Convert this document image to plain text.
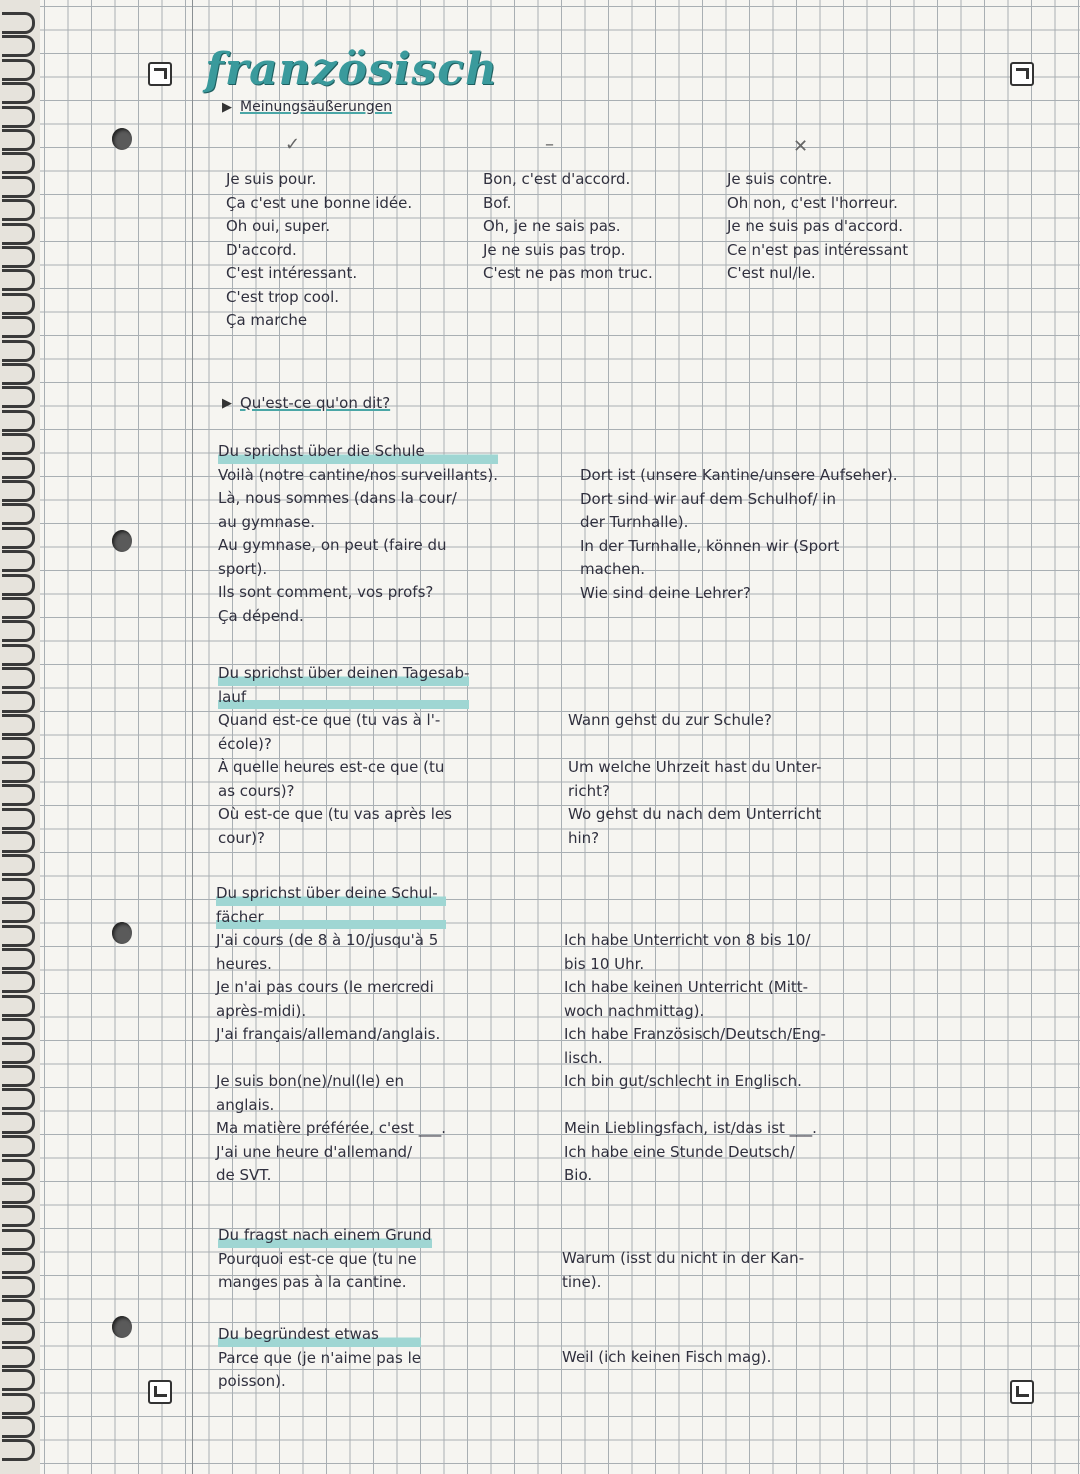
französisch
▶ Meinungsäußerungen
✓	–	✕
Je suis pour.
Ça c'est une bonne idée.
Oh oui, super.
D'accord.
C'est intéressant.
C'est trop cool.
Ça marche
Bon, c'est d'accord.
Bof.
Oh, je ne sais pas.
Je ne suis pas trop.
C'est ne pas mon truc.
Je suis contre.
Oh non, c'est l'horreur.
Je ne suis pas d'accord.
Ce n'est pas intéressant
C'est nul/le.
▶ Qu'est-ce qu'on dit?
Du sprichst über die Schule
Voilà (notre cantine/nos surveillants).
Là, nous sommes (dans la cour/
au gymnase.
Au gymnase, on peut (faire du
sport).
Ils sont comment, vos profs?
Ça dépend.
Dort ist (unsere Kantine/unsere Aufseher).
Dort sind wir auf dem Schulhof/ in
der Turnhalle).
In der Turnhalle, können wir (Sport
machen.
Wie sind deine Lehrer?
Du sprichst über deinen Tagesab-
lauf
Quand est-ce que (tu vas à l'-
école)?
À quelle heures est-ce que (tu
as cours)?
Où est-ce que (tu vas après les
cour)?
Wann gehst du zur Schule?

Um welche Uhrzeit hast du Unter-
richt?
Wo gehst du nach dem Unterricht
hin?
Du sprichst über deine Schul-
fächer
J'ai cours (de 8 à 10/jusqu'à 5
heures.
Je n'ai pas cours (le mercredi
après-midi).
J'ai français/allemand/anglais.

Je suis bon(ne)/nul(le) en
anglais.
Ma matière préférée, c'est ___.
J'ai une heure d'allemand/
de SVT.
Ich habe Unterricht von 8 bis 10/
bis 10 Uhr.
Ich habe keinen Unterricht (Mitt-
woch nachmittag).
Ich habe Französisch/Deutsch/Eng-
lisch.
Ich bin gut/schlecht in Englisch.

Mein Lieblingsfach, ist/das ist ___.
Ich habe eine Stunde Deutsch/
Bio.
Du fragst nach einem Grund
Pourquoi est-ce que (tu ne
manges pas à la cantine.
Warum (isst du nicht in der Kan-
tine).
Du begründest etwas
Parce que (je n'aime pas le
poisson).
Weil (ich keinen Fisch mag).
